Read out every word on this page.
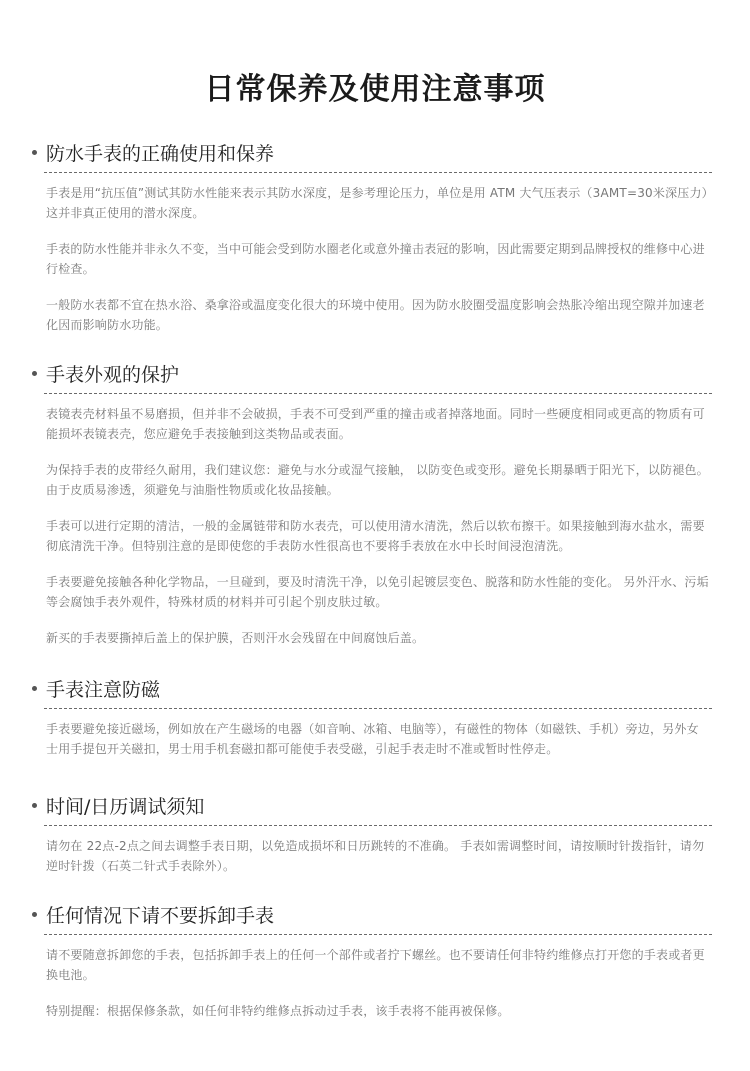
日常保养及使用注意事项
防水手表的正确使用和保养
手表是用“抗压值”测试其防水性能来表示其防水深度，是参考理论压力，单位是用 ATM 大气压表示（3AMT=30米深压力）这并非真正使用的潜水深度。
手表的防水性能并非永久不变，当中可能会受到防水圈老化或意外撞击表冠的影响，因此需要定期到品牌授权的维修中心进行检查。
一般防水表都不宜在热水浴、桑拿浴或温度变化很大的环境中使用。因为防水胶圈受温度影响会热胀冷缩出现空隙并加速老化因而影响防水功能。
手表外观的保护
表镜表壳材料虽不易磨损，但并非不会破损，手表不可受到严重的撞击或者掉落地面。同时一些硬度相同或更高的物质有可能损坏表镜表壳，您应避免手表接触到这类物品或表面。
为保持手表的皮带经久耐用，我们建议您：避免与水分或湿气接触， 以防变色或变形。避免长期暴晒于阳光下，以防褪色。由于皮质易渗透，须避免与油脂性物质或化妆品接触。
手表可以进行定期的清洁，一般的金属链带和防水表壳，可以使用清水清洗，然后以软布擦干。如果接触到海水盐水，需要彻底清洗干净。但特别注意的是即使您的手表防水性很高也不要将手表放在水中长时间浸泡清洗。
手表要避免接触各种化学物品，一旦碰到，要及时清洗干净，以免引起镀层变色、脱落和防水性能的变化。 另外汗水、污垢等会腐蚀手表外观件，特殊材质的材料并可引起个别皮肤过敏。
新买的手表要撕掉后盖上的保护膜，否则汗水会残留在中间腐蚀后盖。
手表注意防磁
手表要避免接近磁场，例如放在产生磁场的电器（如音响、冰箱、电脑等），有磁性的物体（如磁铁、手机）旁边，另外女士用手提包开关磁扣，男士用手机套磁扣都可能使手表受磁，引起手表走时不准或暂时性停走。
时间/日历调试须知
请勿在 22点-2点之间去调整手表日期，以免造成损坏和日历跳转的不准确。 手表如需调整时间，请按顺时针拨指针，请勿逆时针拨（石英二针式手表除外）。
任何情况下请不要拆卸手表
请不要随意拆卸您的手表，包括拆卸手表上的任何一个部件或者拧下螺丝。也不要请任何非特约维修点打开您的手表或者更换电池。
特别提醒：根据保修条款，如任何非特约维修点拆动过手表，该手表将不能再被保修。
